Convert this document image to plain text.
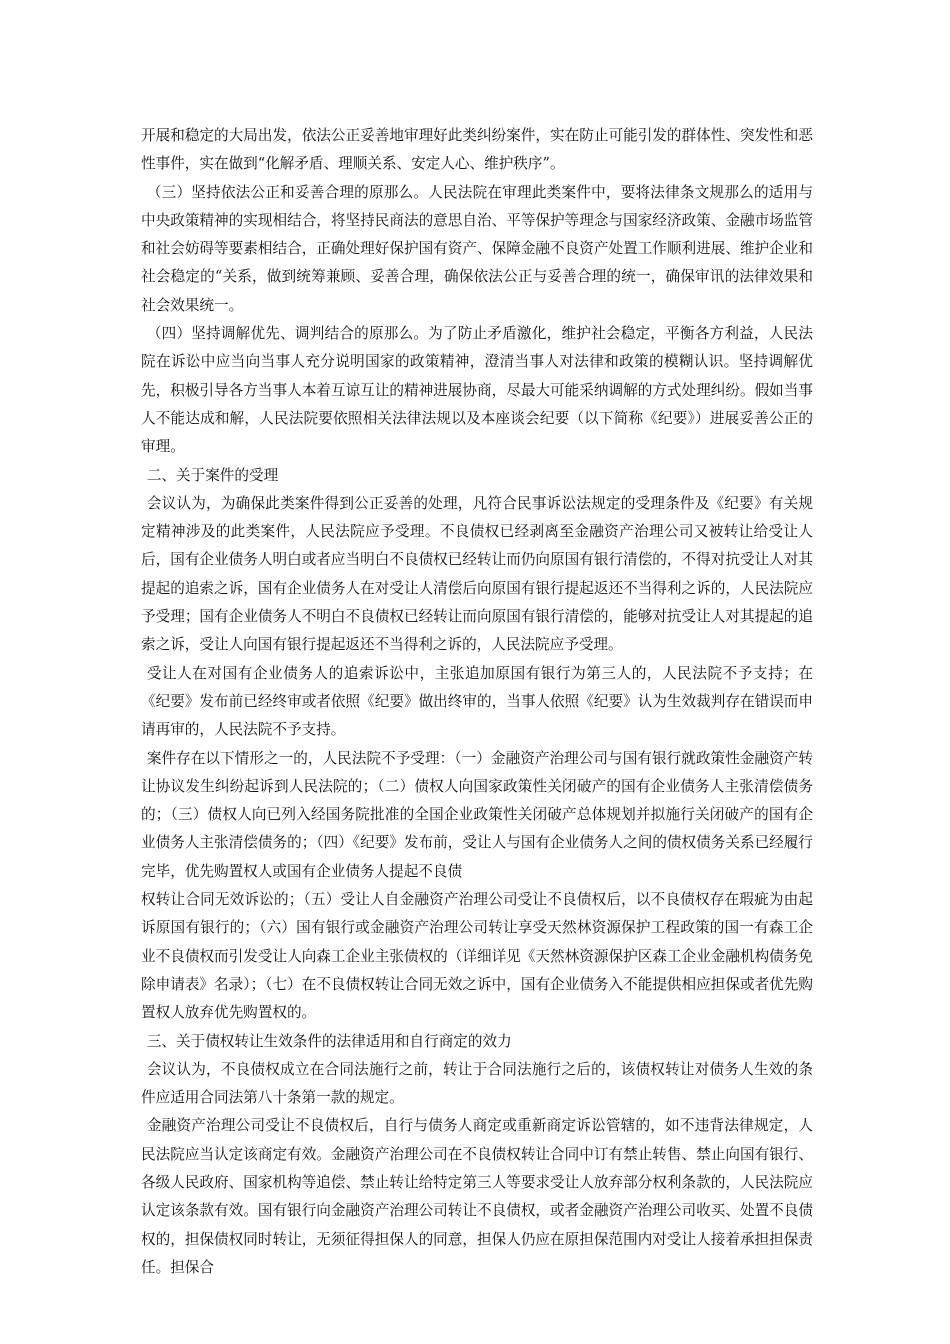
开展和稳定的大局出发，依法公正妥善地审理好此类纠纷案件，实在防止可能引发的群体性、突发性和恶性事件，实在做到“化解矛盾、理顺关系、安定人心、维护秩序”。

（三）坚持依法公正和妥善合理的原那么。人民法院在审理此类案件中，要将法律条文规那么的适用与中央政策精神的实现相结合，将坚持民商法的意思自治、平等保护等理念与国家经济政策、金融市场监管和社会妨碍等要素相结合，正确处理好保护国有资产、保障金融不良资产处置工作顺利进展、维护企业和社会稳定的“关系，做到统筹兼顾、妥善合理，确保依法公正与妥善合理的统一，确保审讯的法律效果和社会效果统一。

（四）坚持调解优先、调判结合的原那么。为了防止矛盾激化，维护社会稳定，平衡各方利益，人民法院在诉讼中应当向当事人充分说明国家的政策精神，澄清当事人对法律和政策的模糊认识。坚持调解优先，积极引导各方当事人本着互谅互让的精神进展协商，尽最大可能采纳调解的方式处理纠纷。假如当事人不能达成和解，人民法院要依照相关法律法规以及本座谈会纪要（以下简称《纪要》）进展妥善公正的审理。

二、关于案件的受理

会议认为，为确保此类案件得到公正妥善的处理，凡符合民事诉讼法规定的受理条件及《纪要》有关规定精神涉及的此类案件，人民法院应予受理。不良债权已经剥离至金融资产治理公司又被转让给受让人后，国有企业债务人明白或者应当明白不良债权已经转让而仍向原国有银行清偿的，不得对抗受让人对其提起的追索之诉，国有企业债务人在对受让人清偿后向原国有银行提起返还不当得利之诉的，人民法院应予受理；国有企业债务人不明白不良债权已经转让而向原国有银行清偿的，能够对抗受让人对其提起的追索之诉，受让人向国有银行提起返还不当得利之诉的，人民法院应予受理。

受让人在对国有企业债务人的追索诉讼中，主张追加原国有银行为第三人的，人民法院不予支持；在《纪要》发布前已经终审或者依照《纪要》做出终审的，当事人依照《纪要》认为生效裁判存在错误而申请再审的，人民法院不予支持。

案件存在以下情形之一的，人民法院不予受理：（一）金融资产治理公司与国有银行就政策性金融资产转让协议发生纠纷起诉到人民法院的；（二）债权人向国家政策性关闭破产的国有企业债务人主张清偿债务的；（三）债权人向已列入经国务院批准的全国企业政策性关闭破产总体规划并拟施行关闭破产的国有企业债务人主张清偿债务的；（四）《纪要》发布前，受让人与国有企业债务人之间的债权债务关系已经履行完毕，优先购置权人或国有企业债务人提起不良债

权转让合同无效诉讼的；（五）受让人自金融资产治理公司受让不良债权后，以不良债权存在瑕疵为由起诉原国有银行的；（六）国有银行或金融资产治理公司转让享受天然林资源保护工程政策的国一有森工企业不良债权而引发受让人向森工企业主张债权的（详细详见《天然林资源保护区森工企业金融机构债务免除申请表》名录）；（七）在不良债权转让合同无效之诉中，国有企业债务入不能提供相应担保或者优先购置权人放弃优先购置权的。

三、关于债权转让生效条件的法律适用和自行商定的效力

会议认为，不良债权成立在合同法施行之前，转让于合同法施行之后的，该债权转让对债务人生效的条件应适用合同法第八十条第一款的规定。

金融资产治理公司受让不良债权后，自行与债务人商定或重新商定诉讼管辖的，如不违背法律规定，人民法院应当认定该商定有效。金融资产治理公司在不良债权转让合同中订有禁止转售、禁止向国有银行、各级人民政府、国家机构等追偿、禁止转让给特定第三人等要求受让人放弃部分权利条款的，人民法院应认定该条款有效。国有银行向金融资产治理公司转让不良债权，或者金融资产治理公司收买、处置不良债权的，担保债权同时转让，无须征得担保人的同意，担保人仍应在原担保范围内对受让人接着承担担保责任。担保合
